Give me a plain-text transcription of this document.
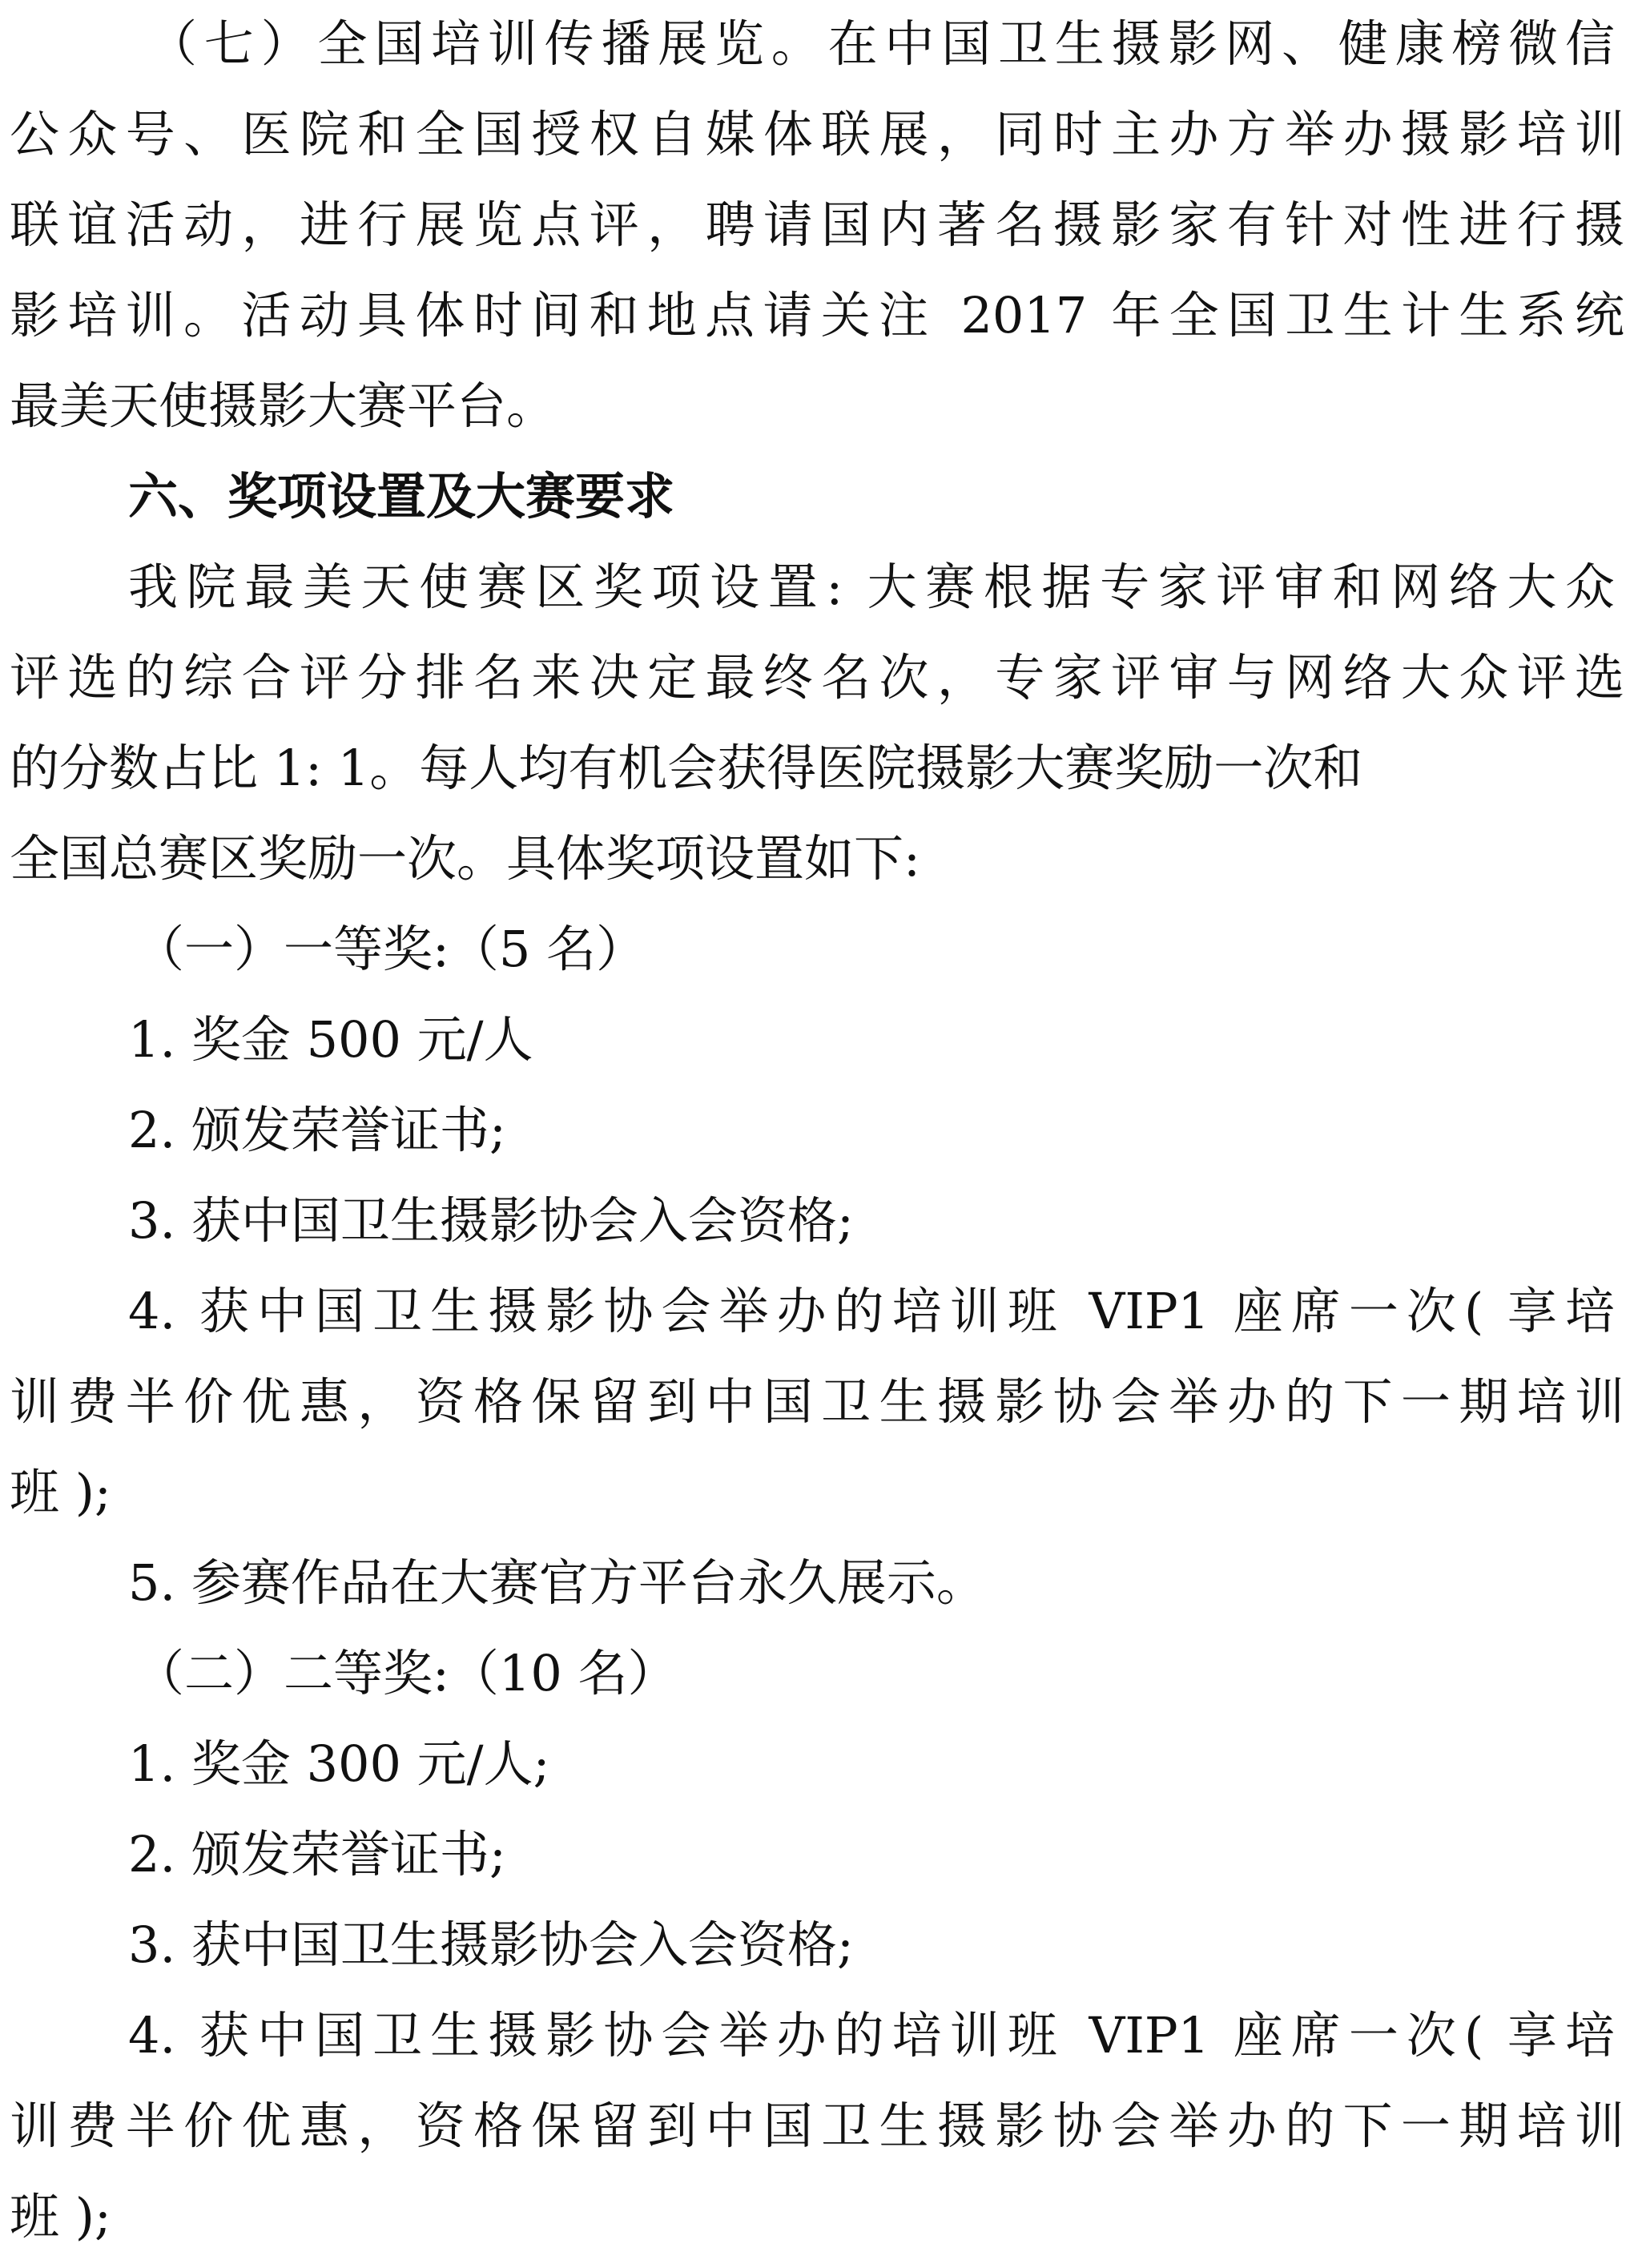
（七）全国培训传播展览。在中国卫生摄影网、健康榜微信
公众号、医院和全国授权自媒体联展，同时主办方举办摄影培训
联谊活动，进行展览点评，聘请国内著名摄影家有针对性进行摄
影培训。活动具体时间和地点请关注 2017 年全国卫生计生系统
最美天使摄影大赛平台。
六、奖项设置及大赛要求
我院最美天使赛区奖项设置: 大赛根据专家评审和网络大众
评选的综合评分排名来决定最终名次，专家评审与网络大众评选
的分数占比 1: 1。每人均有机会获得医院摄影大赛奖励一次和
全国总赛区奖励一次。具体奖项设置如下:
（一）一等奖:（5 名）
1. 奖金 500 元/人
2. 颁发荣誉证书;
3. 获中国卫生摄影协会入会资格;
4. 获中国卫生摄影协会举办的培训班 VIP1 座席一次( 享培
训费半价优惠，资格保留到中国卫生摄影协会举办的下一期培训
班 );
5. 参赛作品在大赛官方平台永久展示。
（二）二等奖:（10 名）
1. 奖金 300 元/人;
2. 颁发荣誉证书;
3. 获中国卫生摄影协会入会资格;
4. 获中国卫生摄影协会举办的培训班 VIP1 座席一次( 享培
训费半价优惠，资格保留到中国卫生摄影协会举办的下一期培训
班 );
